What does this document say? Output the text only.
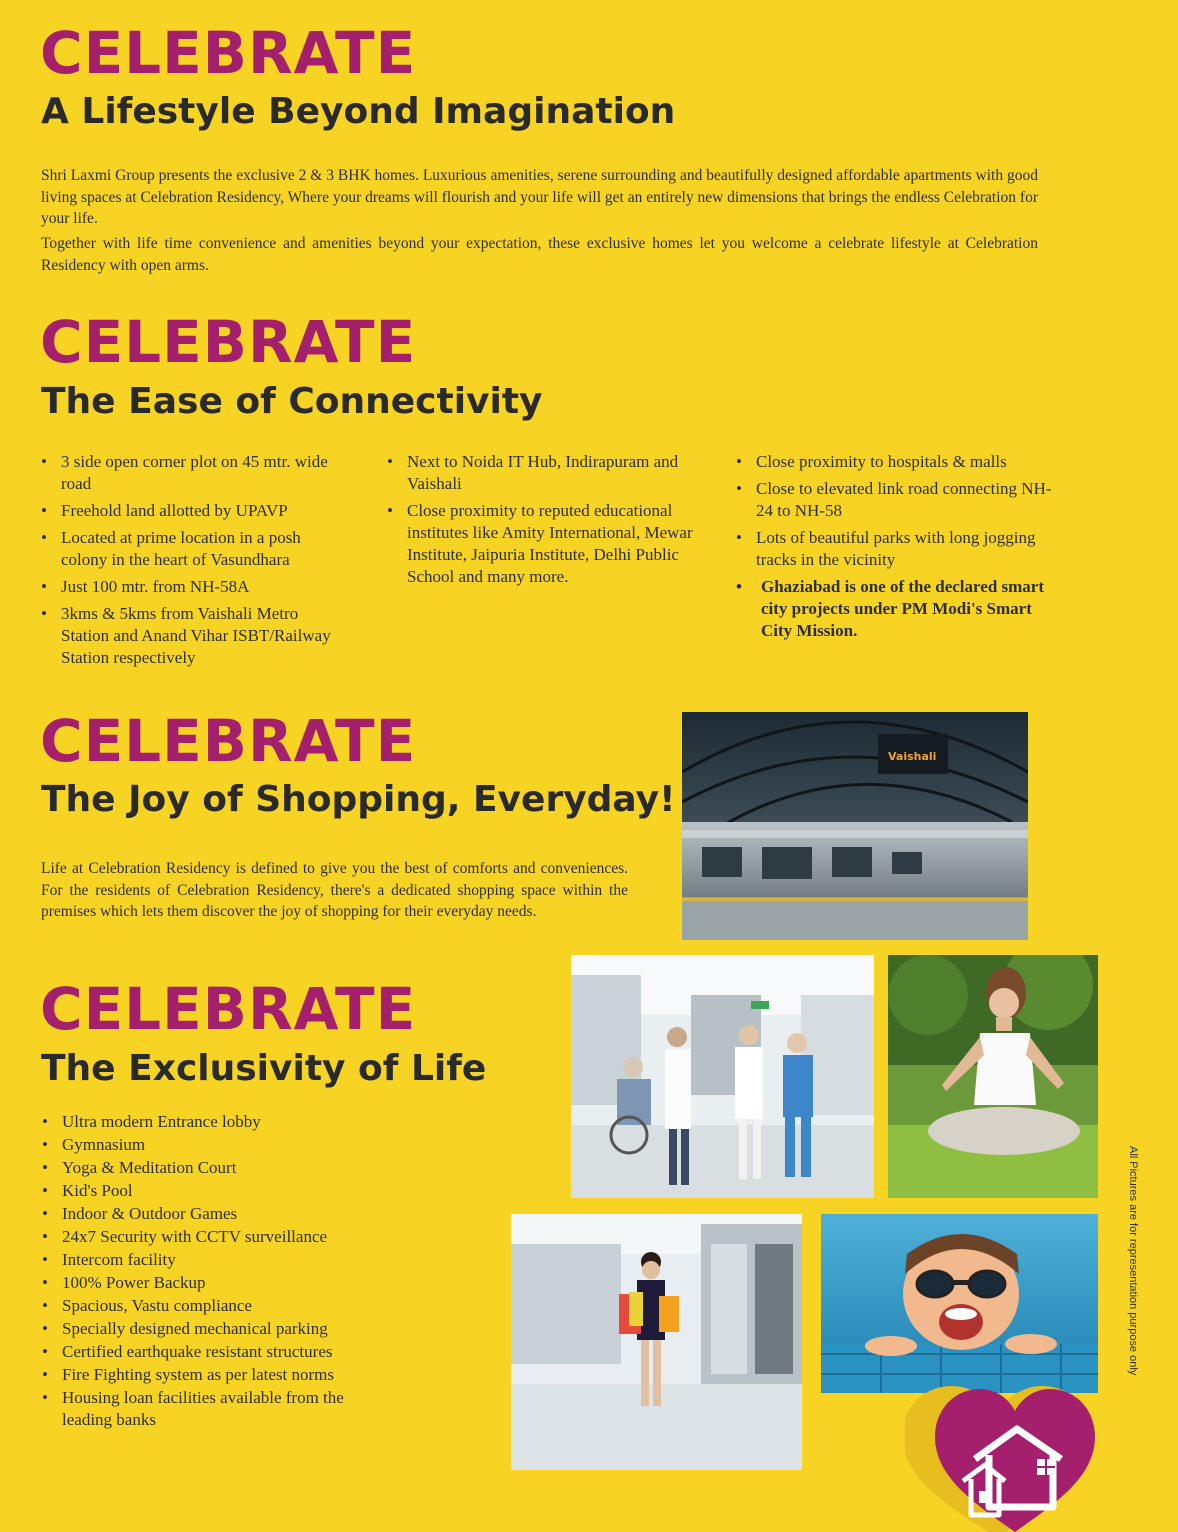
CELEBRATE
A Lifestyle Beyond Imagination

Shri Laxmi Group presents the exclusive 2 & 3 BHK homes. Luxurious amenities, serene surrounding and beautifully designed affordable apartments with good living spaces at Celebration Residency, Where your dreams will flourish and your life will get an entirely new dimensions that brings the endless Celebration for your life.

Together with life time convenience and amenities beyond your expectation, these exclusive homes let you welcome a celebrate lifestyle at Celebration Residency with open arms.

CELEBRATE
The Ease of Connectivity
• 3 side open corner plot on 45 mtr. wide road
• Freehold land allotted by UPAVP
• Located at prime location in a posh colony in the heart of Vasundhara
• Just 100 mtr. from NH-58A
• 3kms & 5kms from Vaishali Metro Station and Anand Vihar ISBT/Railway Station respectively
• Next to Noida IT Hub, Indirapuram and Vaishali
• Close proximity to reputed educational institutes like Amity International, Mewar Institute, Jaipuria Institute, Delhi Public School and many more.
• Close proximity to hospitals & malls
• Close to elevated link road connecting NH-24 to NH-58
• Lots of beautiful parks with long jogging tracks in the vicinity
• Ghaziabad is one of the declared smart city projects under PM Modi's Smart City Mission.
CELEBRATE
The Joy of Shopping, Everyday!

Life at Celebration Residency is defined to give you the best of comforts and conveniences. For the residents of Celebration Residency, there's a dedicated shopping space within the premises which lets them discover the joy of shopping for their everyday needs.

Vaishali
CELEBRATE
The Exclusivity of Life
• Ultra modern Entrance lobby
• Gymnasium
• Yoga & Meditation Court
• Kid's Pool
• Indoor & Outdoor Games
• 24x7 Security with CCTV surveillance
• Intercom facility
• 100% Power Backup
• Spacious, Vastu compliance
• Specially designed mechanical parking
• Certified earthquake resistant structures
• Fire Fighting system as per latest norms
• Housing loan facilities available from the leading banks
All Pictures are for representation purpose only
